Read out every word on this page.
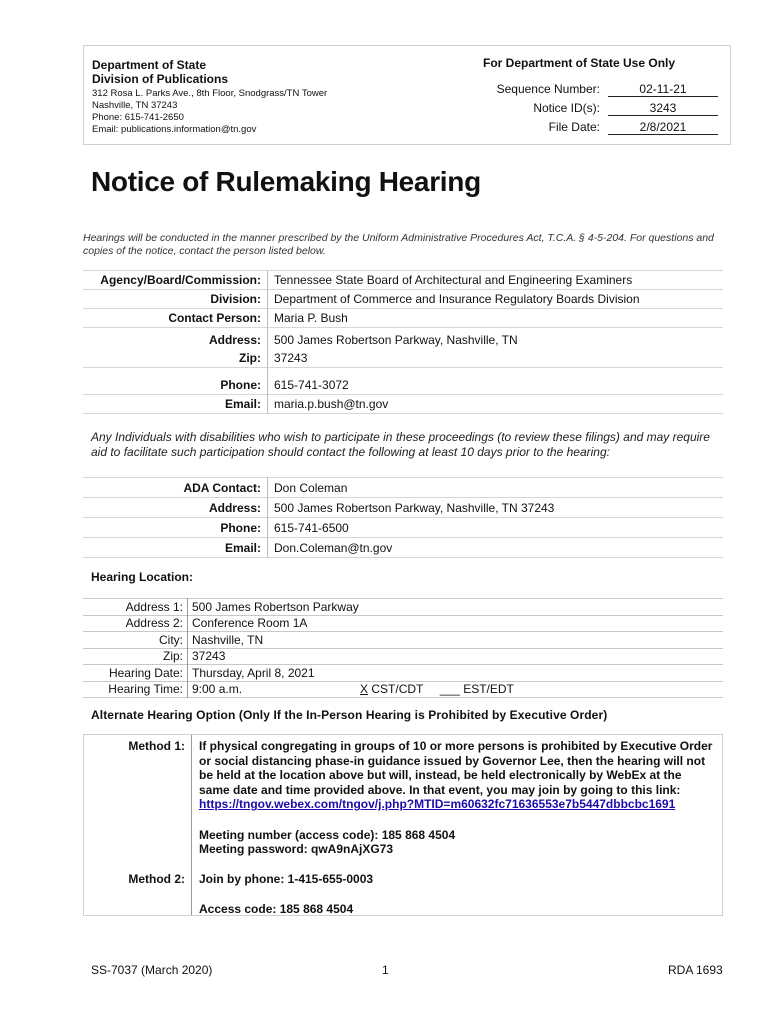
Department of State
Division of Publications
312 Rosa L. Parks Ave., 8th Floor, Snodgrass/TN Tower
Nashville, TN 37243
Phone: 615-741-2650
Email: publications.information@tn.gov
For Department of State Use Only
Sequence Number:	02-11-21
Notice ID(s):	3243
File Date:	2/8/2021
Notice of Rulemaking Hearing
Hearings will be conducted in the manner prescribed by the Uniform Administrative Procedures Act, T.C.A. § 4-5-204. For questions and copies of the notice, contact the person listed below.
Agency/Board/Commission:	Tennessee State Board of Architectural and Engineering Examiners
Division:	Department of Commerce and Insurance Regulatory Boards Division
Contact Person:	Maria P. Bush

Address:	500 James Robertson Parkway, Nashville, TN
Zip:	37243

Phone:	615-741-3072
Email:	maria.p.bush@tn.gov
Any Individuals with disabilities who wish to participate in these proceedings (to review these filings) and may require aid to facilitate such participation should contact the following at least 10 days prior to the hearing:
ADA Contact:	Don Coleman
Address:	500 James Robertson Parkway, Nashville, TN 37243
Phone:	615-741-6500
Email:	Don.Coleman@tn.gov
Hearing Location:
Address 1:	500 James Robertson Parkway	
Address 2:	Conference Room 1A	
City:	Nashville, TN	
Zip:	37243	
Hearing Date:	Thursday, April 8, 2021	
Hearing Time:	9:00 a.m.	X CST/CDT ___ EST/EDT
Alternate Hearing Option (Only If the In-Person Hearing is Prohibited by Executive Order)
Method 1: If physical congregating in groups of 10 or more persons is prohibited by Executive Order or social distancing phase-in guidance issued by Governor Lee, then the hearing will not be held at the location above but will, instead, be held electronically by WebEx at the same date and time provided above. In that event, you may join by going to this link:
https://tngov.webex.com/tngov/j.php?MTID=m60632fc71636553e7b5447dbbcbc1691
Meeting number (access code): 185 868 4504
Meeting password: qwA9nAjXG73
Method 2: Join by phone: 1-415-655-0003
Access code: 185 868 4504
SS-7037 (March 2020)	1	RDA 1693
